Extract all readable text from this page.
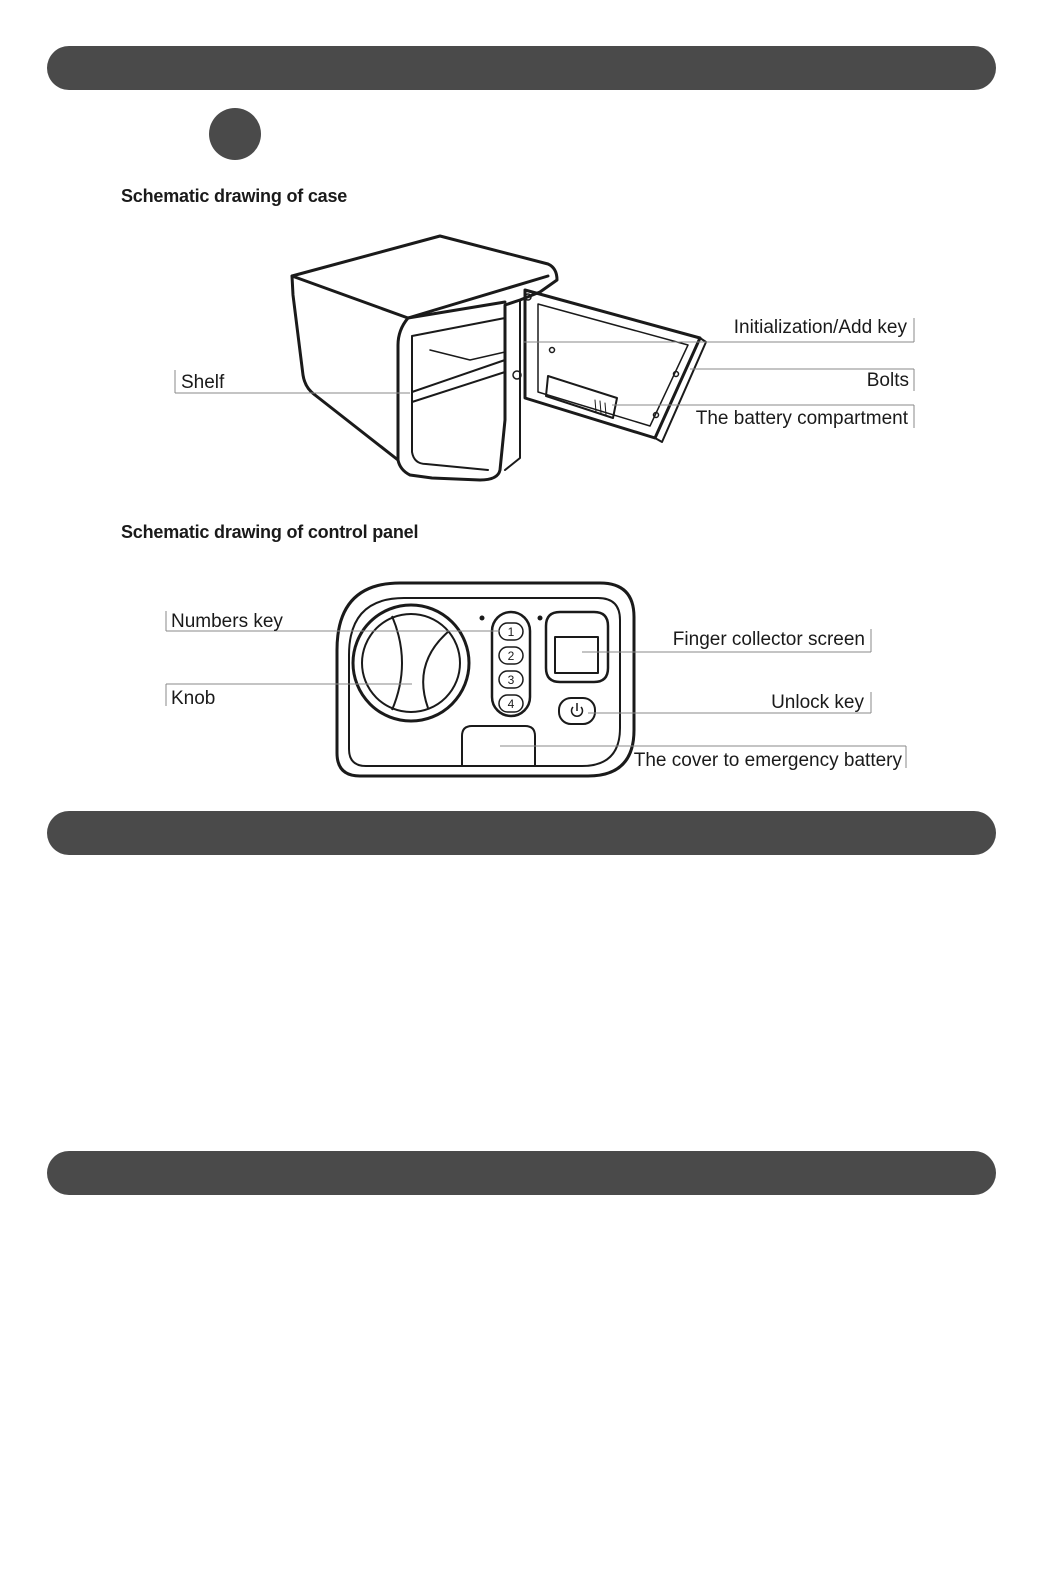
Schematic drawing of case
Schematic drawing of control panel
Initialization/Add key
Bolts
The battery compartment
Shelf
1
2
3
4
Numbers key
Knob
Finger collector screen
Unlock key
The cover to emergency battery
